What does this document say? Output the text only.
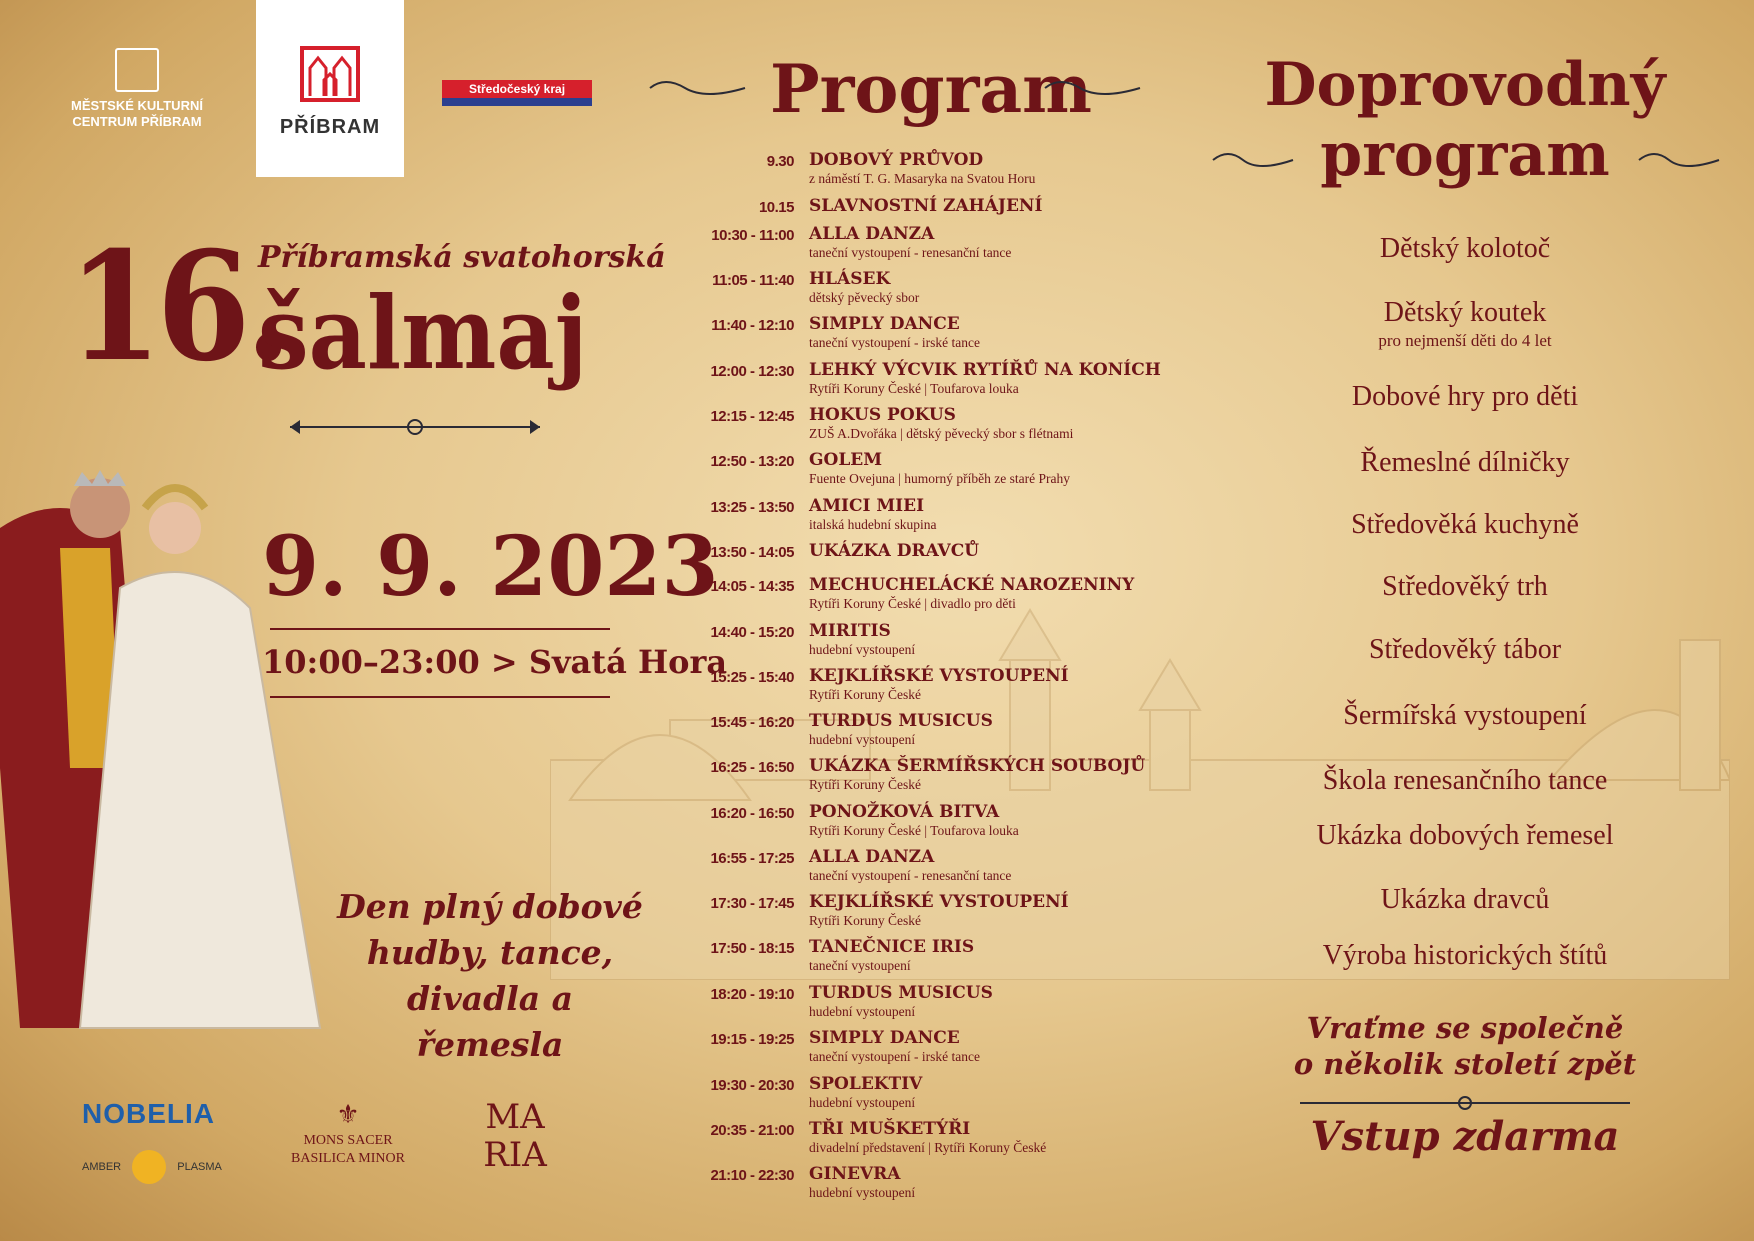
MĚSTSKÉ KULTURNÍ CENTRUM PŘÍBRAM	PŘÍBRAM
Středočeský kraj
16.
Příbramská svatohorská
šalmaj
9. 9. 2023
10:00–23:00 > Svatá Hora
Den plný dobové
hudby, tance,
divadla a řemesla
Program
9.30 DOBOVÝ PRŮVOD
z náměstí T. G. Masaryka na Svatou Horu
10.15 SLAVNOSTNÍ ZAHÁJENÍ
10:30 - 11:00 ALLA DANZA
taneční vystoupení - renesanční tance
11:05 - 11:40 HLÁSEK
dětský pěvecký sbor
11:40 - 12:10 SIMPLY DANCE
taneční vystoupení - irské tance
12:00 - 12:30 LEHKÝ VÝCVIK RYTÍŘŮ NA KONÍCH
Rytíři Koruny České | Toufarova louka
12:15 - 12:45 HOKUS POKUS
ZUŠ A.Dvořáka | dětský pěvecký sbor s flétnami
12:50 - 13:20 GOLEM
Fuente Ovejuna | humorný příběh ze staré Prahy
13:25 - 13:50 AMICI MIEI
italská hudební skupina
13:50 - 14:05 UKÁZKA DRAVCŮ
14:05 - 14:35 MECHUCHELÁCKÉ NAROZENINY
Rytíři Koruny České | divadlo pro děti
14:40 - 15:20 MIRITIS
hudební vystoupení
15:25 - 15:40 KEJKLÍŘSKÉ VYSTOUPENÍ
Rytíři Koruny České
15:45 - 16:20 TURDUS MUSICUS
hudební vystoupení
16:25 - 16:50 UKÁZKA ŠERMÍŘSKÝCH SOUBOJŮ
Rytíři Koruny České
16:20 - 16:50 PONOŽKOVÁ BITVA
Rytíři Koruny České | Toufarova louka
16:55 - 17:25 ALLA DANZA
taneční vystoupení - renesanční tance
17:30 - 17:45 KEJKLÍŘSKÉ VYSTOUPENÍ
Rytíři Koruny České
17:50 - 18:15 TANEČNICE IRIS
taneční vystoupení
18:20 - 19:10 TURDUS MUSICUS
hudební vystoupení
19:15 - 19:25 SIMPLY DANCE
taneční vystoupení - irské tance
19:30 - 20:30 SPOLEKTIV
hudební vystoupení
20:35 - 21:00 TŘI MUŠKETÝŘI
divadelní představení | Rytíři Koruny České
21:10 - 22:30 GINEVRA
hudební vystoupení
Doprovodný
program
Dětský kolotoč
Dětský koutek
pro nejmenší děti do 4 let
Dobové hry pro děti
Řemeslné dílničky
Středověká kuchyně
Středověký trh
Středověký tábor
Šermířská vystoupení
Škola renesančního tance
Ukázka dobových řemesel
Ukázka dravců
Výroba historických štítů
Vraťme se společně
o několik století zpět
Vstup zdarma
NOBELIA
AMBER	PLASMA
⚜
MONS SACER
BASILICA MINOR
MA
RIA
